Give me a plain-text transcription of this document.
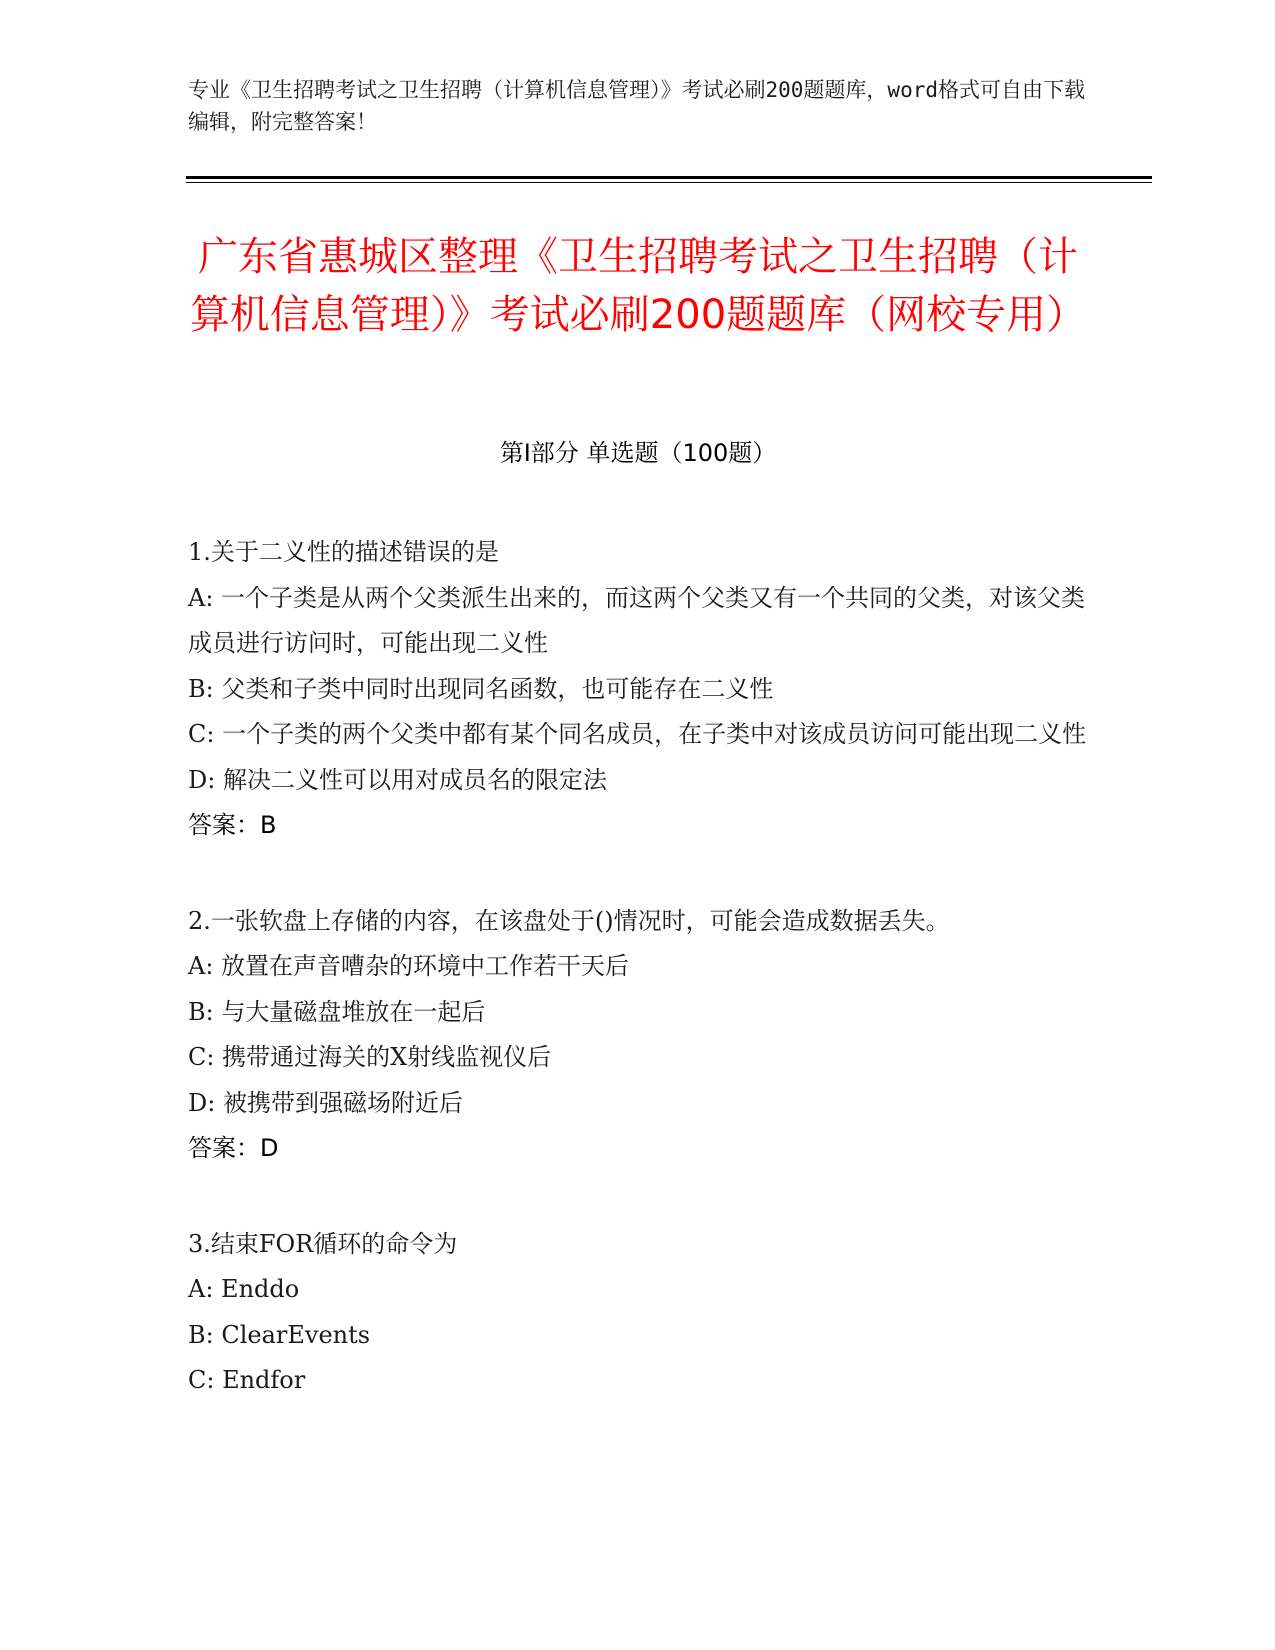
专业《卫生招聘考试之卫生招聘（计算机信息管理）》考试必刷200题题库，word格式可自由下载编辑，附完整答案！

广东省惠城区整理《卫生招聘考试之卫生招聘（计算机信息管理）》考试必刷200题题库（网校专用）
第Ⅰ部分 单选题（100题）

1.关于二义性的描述错误的是

A: 一个子类是从两个父类派生出来的，而这两个父类又有一个共同的父类，对该父类成员进行访问时，可能出现二义性

B: 父类和子类中同时出现同名函数，也可能存在二义性

C: 一个子类的两个父类中都有某个同名成员，在子类中对该成员访问可能出现二义性

D: 解决二义性可以用对成员名的限定法

答案：B

2.一张软盘上存储的内容，在该盘处于()情况时，可能会造成数据丢失。

A: 放置在声音嘈杂的环境中工作若干天后

B: 与大量磁盘堆放在一起后

C: 携带通过海关的X射线监视仪后

D: 被携带到强磁场附近后

答案：D

3.结束FOR循环的命令为

A: Enddo

B: ClearEvents

C: Endfor
